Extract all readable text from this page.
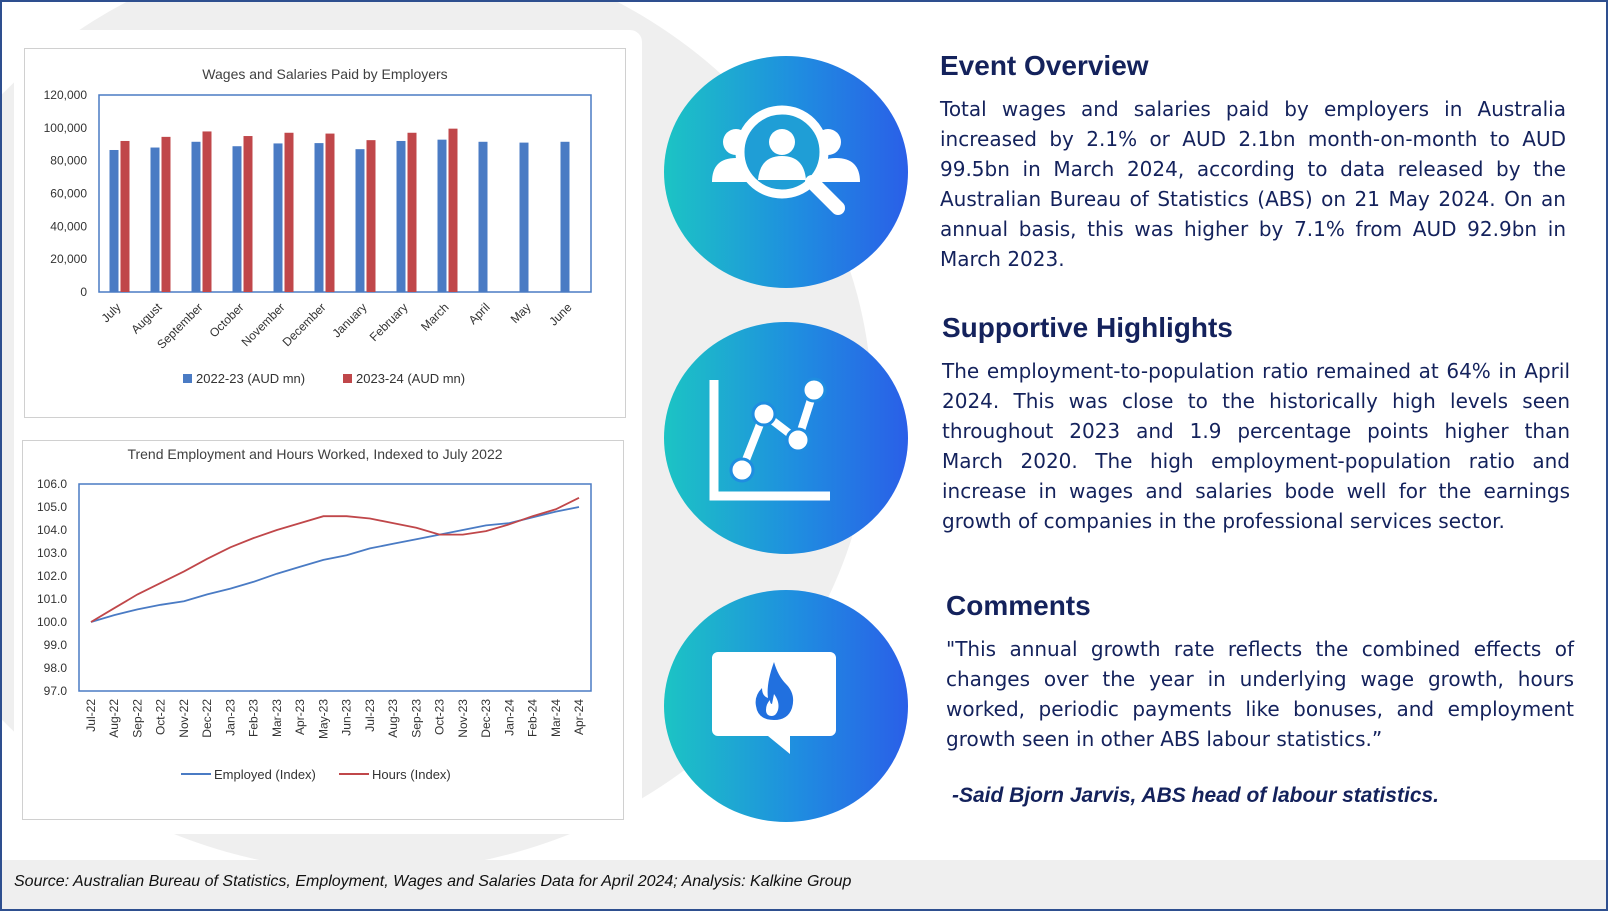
Wages and Salaries Paid by Employers
0
20,000
40,000
60,000
80,000
100,000
120,000
July August
September October
November
December January
February March April May June
2022-23 (AUD mn)	2023-24 (AUD mn)
Trend Employment and Hours Worked, Indexed to July 2022
97.0
98.0
99.0
100.0
101.0
102.0
103.0
104.0
105.0
106.0
Jul-22 Aug-22 Sep-22 Oct-22 Nov-22 Dec-22 Jan-23 Feb-23 Mar-23 Apr-23 May-23 Jun-23 Jul-23 Aug-23 Sep-23 Oct-23 Nov-23 Dec-23 Jan-24 Feb-24 Mar-24 Apr-24
Employed (Index)	Hours (Index)
Event Overview

Total wages and salaries paid by employers in Australia increased by 2.1% or AUD 2.1bn month-on-month to AUD 99.5bn in March 2024, according to data released by the Australian Bureau of Statistics (ABS) on 21 May 2024. On an annual basis, this was higher by 7.1% from AUD 92.9bn in March 2023.

Supportive Highlights

The employment-to-population ratio remained at 64% in April 2024. This was close to the historically high levels seen throughout 2023 and 1.9 percentage points higher than March 2020. The high employment-population ratio and increase in wages and salaries bode well for the earnings growth of companies in the professional services sector.

Comments

"This annual growth rate reflects the combined effects of changes over the year in underlying wage growth, hours worked, periodic payments like bonuses, and employment growth seen in other ABS labour statistics.”

-Said Bjorn Jarvis, ABS head of labour statistics.
Source: Australian Bureau of Statistics, Employment, Wages and Salaries Data for April 2024; Analysis: Kalkine Group
